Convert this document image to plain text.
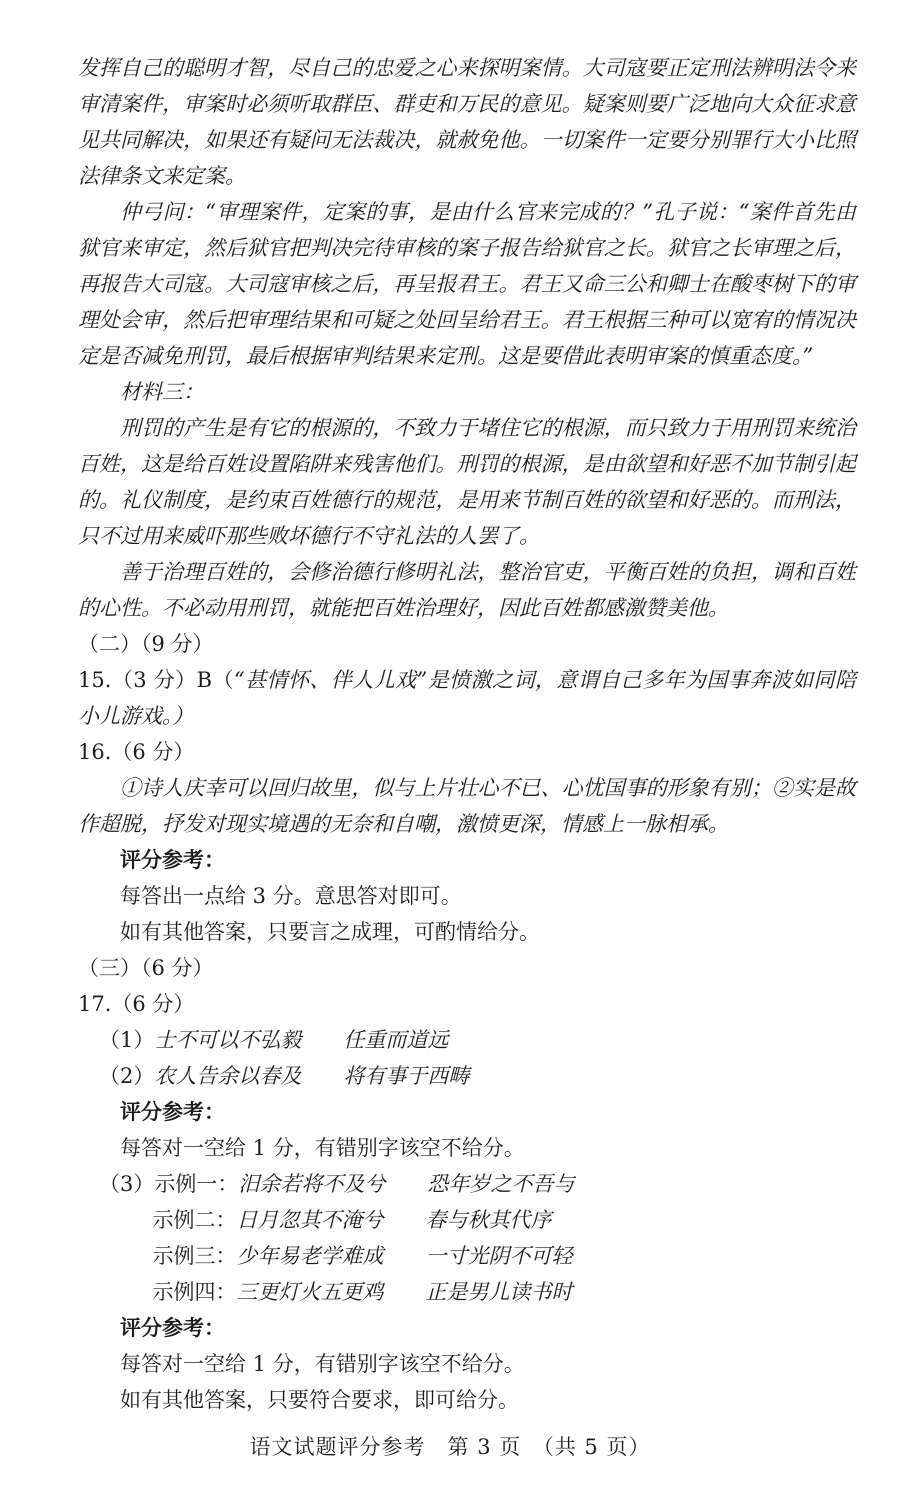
发挥自己的聪明才智，尽自己的忠爱之心来探明案情。大司寇要正定刑法辨明法令来审清案件，审案时必须听取群臣、群吏和万民的意见。疑案则要广泛地向大众征求意见共同解决，如果还有疑问无法裁决，就赦免他。一切案件一定要分别罪行大小比照法律条文来定案。
仲弓问：“审理案件，定案的事，是由什么官来完成的？”孔子说：“案件首先由狱官来审定，然后狱官把判决完待审核的案子报告给狱官之长。狱官之长审理之后，再报告大司寇。大司寇审核之后，再呈报君王。君王又命三公和卿士在酸枣树下的审理处会审，然后把审理结果和可疑之处回呈给君王。君王根据三种可以宽宥的情况决定是否减免刑罚，最后根据审判结果来定刑。这是要借此表明审案的慎重态度。”
材料三：
刑罚的产生是有它的根源的，不致力于堵住它的根源，而只致力于用刑罚来统治百姓，这是给百姓设置陷阱来残害他们。刑罚的根源，是由欲望和好恶不加节制引起的。礼仪制度，是约束百姓德行的规范，是用来节制百姓的欲望和好恶的。而刑法，只不过用来威吓那些败坏德行不守礼法的人罢了。
善于治理百姓的，会修治德行修明礼法，整治官吏，平衡百姓的负担，调和百姓的心性。不必动用刑罚，就能把百姓治理好，因此百姓都感激赞美他。
（二）（9 分）
15.（3 分）B（“甚情怀、伴人儿戏”是愤激之词，意谓自己多年为国事奔波如同陪小儿游戏。）
16.（6 分）
①诗人庆幸可以回归故里，似与上片壮心不已、心忧国事的形象有别；②实是故作超脱，抒发对现实境遇的无奈和自嘲，激愤更深，情感上一脉相承。
评分参考：
每答出一点给 3 分。意思答对即可。
如有其他答案，只要言之成理，可酌情给分。
（三）（6 分）
17.（6 分）
（1）士不可以不弘毅　　任重而道远
（2）农人告余以春及　　将有事于西畴
评分参考：
每答对一空给 1 分，有错别字该空不给分。
（3）示例一：汨余若将不及兮　　恐年岁之不吾与
示例二：日月忽其不淹兮　　春与秋其代序
示例三：少年易老学难成　　一寸光阴不可轻
示例四：三更灯火五更鸡　　正是男儿读书时
评分参考：
每答对一空给 1 分，有错别字该空不给分。
如有其他答案，只要符合要求，即可给分。
语文试题评分参考　第 3 页　（共 5 页）
